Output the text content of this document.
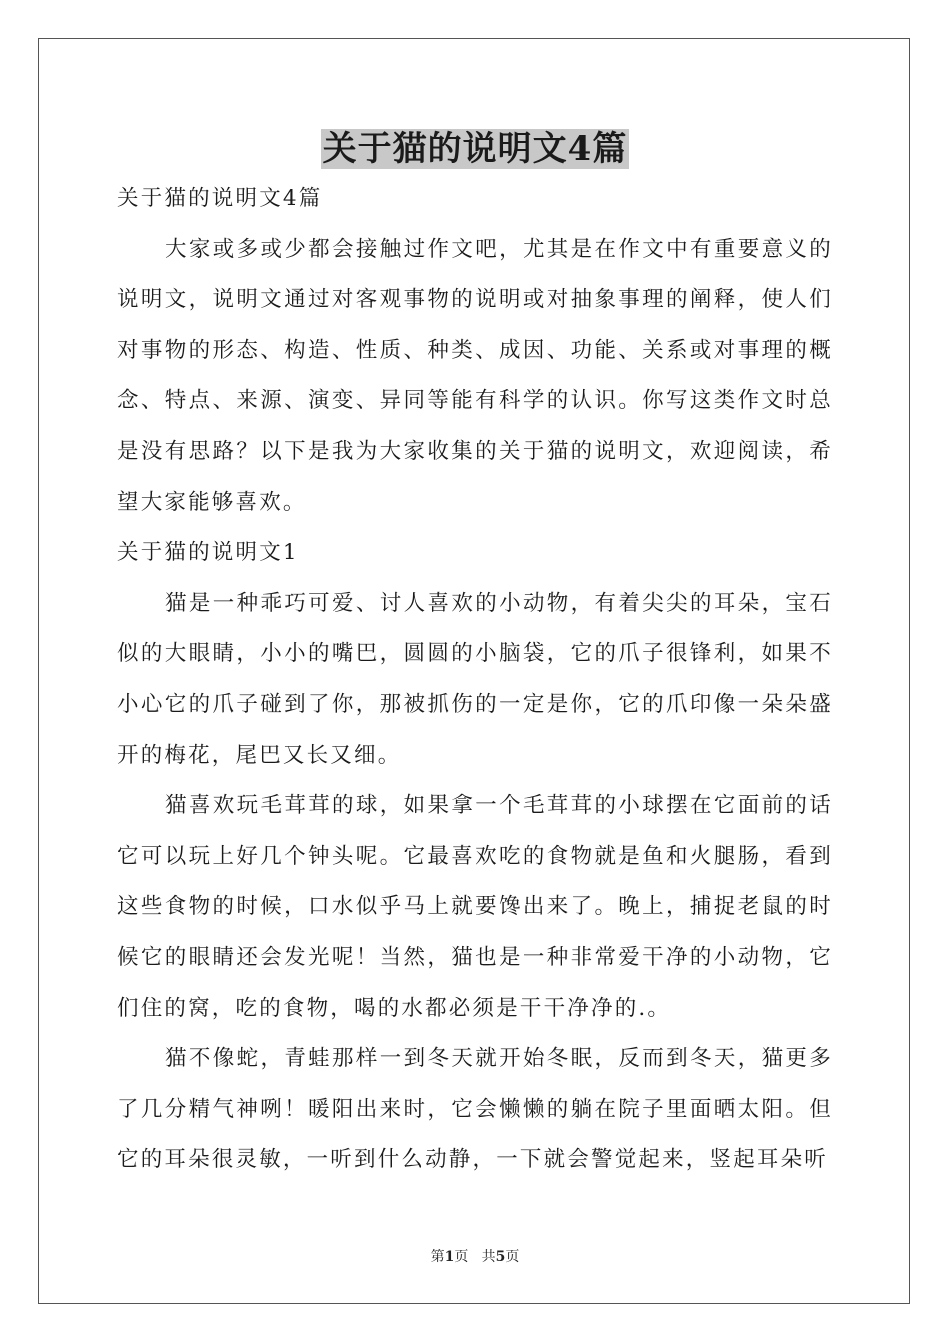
关于猫的说明文4篇

关于猫的说明文4篇

大家或多或少都会接触过作文吧，尤其是在作文中有重要意义的说明文，说明文通过对客观事物的说明或对抽象事理的阐释，使人们对事物的形态、构造、性质、种类、成因、功能、关系或对事理的概念、特点、来源、演变、异同等能有科学的认识。你写这类作文时总是没有思路？以下是我为大家收集的关于猫的说明文，欢迎阅读，希望大家能够喜欢。

关于猫的说明文1

猫是一种乖巧可爱、讨人喜欢的小动物，有着尖尖的耳朵，宝石似的大眼睛，小小的嘴巴，圆圆的小脑袋，它的爪子很锋利，如果不小心它的爪子碰到了你，那被抓伤的一定是你，它的爪印像一朵朵盛开的梅花，尾巴又长又细。

猫喜欢玩毛茸茸的球，如果拿一个毛茸茸的小球摆在它面前的话它可以玩上好几个钟头呢。它最喜欢吃的食物就是鱼和火腿肠，看到这些食物的时候，口水似乎马上就要馋出来了。晚上，捕捉老鼠的时候它的眼睛还会发光呢！当然，猫也是一种非常爱干净的小动物，它们住的窝，吃的食物，喝的水都必须是干干净净的.。

猫不像蛇，青蛙那样一到冬天就开始冬眠，反而到冬天，猫更多了几分精气神咧！暖阳出来时，它会懒懒的躺在院子里面晒太阳。但它的耳朵很灵敏，一听到什么动静，一下就会警觉起来，竖起耳朵听

第1页 共5页
